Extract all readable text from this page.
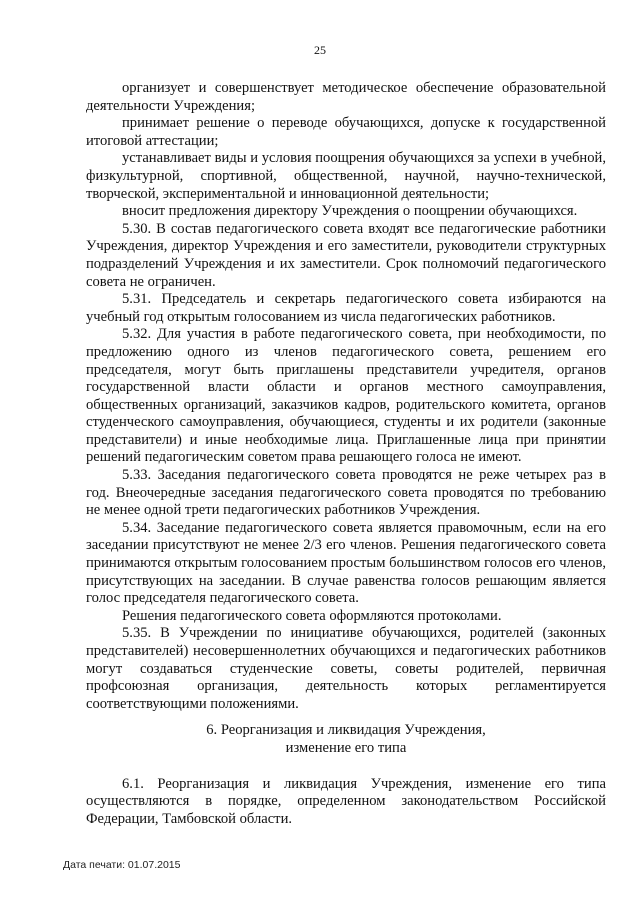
25

организует и совершенствует методическое обеспечение образовательной деятельности Учреждения;

принимает решение о переводе обучающихся, допуске к государственной итоговой аттестации;

устанавливает виды и условия поощрения обучающихся за успехи в учебной, физкультурной, спортивной, общественной, научной, научно-технической, творческой, экспериментальной и инновационной деятельности;

вносит предложения директору Учреждения о поощрении обучающихся.

5.30. В состав педагогического совета входят все педагогические работники Учреждения, директор Учреждения и его заместители, руководители структурных подразделений Учреждения и их заместители. Срок полномочий педагогического совета не ограничен.

5.31. Председатель и секретарь педагогического совета избираются на учебный год открытым голосованием из числа педагогических работников.

5.32. Для участия в работе педагогического совета, при необходимости, по предложению одного из членов педагогического совета, решением его председателя, могут быть приглашены представители учредителя, органов государственной власти области и органов местного самоуправления, общественных организаций, заказчиков кадров, родительского комитета, органов студенческого самоуправления, обучающиеся, студенты и их родители (законные представители) и иные необходимые лица. Приглашенные лица при принятии решений педагогическим советом права решающего голоса не имеют.

5.33. Заседания педагогического совета проводятся не реже четырех раз в год. Внеочередные заседания педагогического совета проводятся по требованию не менее одной трети педагогических работников Учреждения.

5.34. Заседание педагогического совета является правомочным, если на его заседании присутствуют не менее 2/3 его членов. Решения педагогического совета принимаются открытым голосованием простым большинством голосов его членов, присутствующих на заседании. В случае равенства голосов решающим является голос председателя педагогического совета.

Решения педагогического совета оформляются протоколами.

5.35. В Учреждении по инициативе обучающихся, родителей (законных представителей) несовершеннолетних обучающихся и педагогических работников могут создаваться студенческие советы, советы родителей, первичная профсоюзная организация, деятельность которых регламентируется соответствующими положениями.

6. Реорганизация и ликвидация Учреждения,
изменение его типа

6.1. Реорганизация и ликвидация Учреждения, изменение его типа осуществляются в порядке, определенном законодательством Российской Федерации, Тамбовской области.

Дата печати: 01.07.2015
